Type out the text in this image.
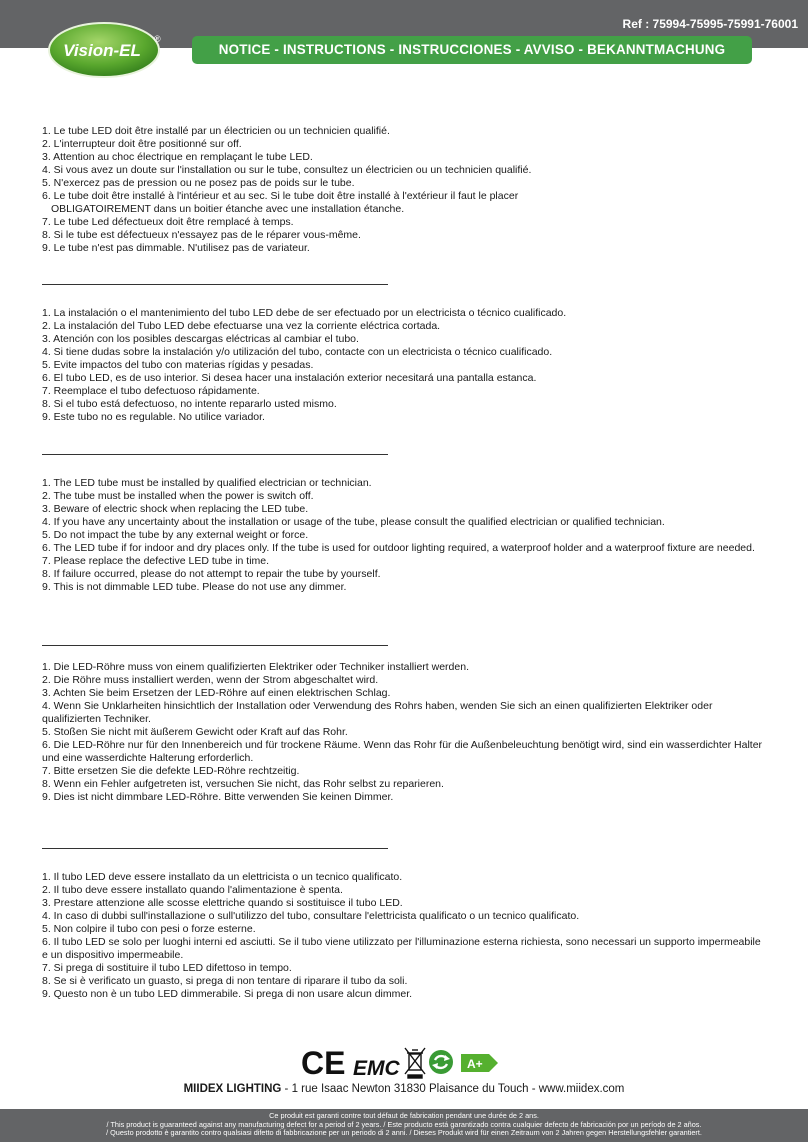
Ref : 75994-75995-75991-76001
Vision-EL
®
NOTICE - INSTRUCTIONS - INSTRUCCIONES - AVVISO - BEKANNTMACHUNG
1. Le tube LED doit être installé par un électricien ou un technicien qualifié.
2. L'interrupteur doit être positionné sur off.
3. Attention au choc électrique en remplaçant le tube LED.
4. Si vous avez un doute sur l'installation ou sur le tube, consultez un électricien ou un technicien qualifié.
5. N'exercez pas de pression ou ne posez pas de poids sur le tube.
6. Le tube doit être installé à l'intérieur et au sec. Si le tube doit être installé à l'extérieur il faut le placer
OBLIGATOIREMENT dans un boitier étanche avec une installation étanche.
7. Le tube Led défectueux doit être remplacé à temps.
8. Si le tube est défectueux n'essayez pas de le réparer vous-même.
9. Le tube n'est pas dimmable. N'utilisez pas de variateur.
1. La instalación o el mantenimiento del tubo LED debe de ser efectuado por un electricista o técnico cualificado.
2. La instalación del Tubo LED debe efectuarse una vez la corriente eléctrica cortada.
3. Atención con los posibles descargas eléctricas al cambiar el tubo.
4. Si tiene dudas sobre la instalación y/o utilización del tubo, contacte con un electricista o técnico cualificado.
5. Evite impactos del tubo con materias rígidas y pesadas.
6. El tubo LED, es de uso interior. Si desea hacer una instalación exterior necesitará una pantalla estanca.
7. Reemplace el tubo defectuoso rápidamente.
8. Si el tubo está defectuoso, no intente repararlo usted mismo.
9. Este tubo no es regulable. No utilice variador.
1. The LED tube must be installed by qualified electrician or technician.
2. The tube must be installed when the power is switch off.
3. Beware of electric shock when replacing the LED tube.
4. If you have any uncertainty about the installation or usage of the tube, please consult the qualified electrician or qualified technician.
5. Do not impact the tube by any external weight or force.
6. The LED tube if for indoor and dry places only. If the tube is used for outdoor lighting required, a waterproof holder and a waterproof fixture are needed.
7. Please replace the defective LED tube in time.
8. If failure occurred, please do not attempt to repair the tube by yourself.
9. This is not dimmable LED tube. Please do not use any dimmer.
1. Die LED-Röhre muss von einem qualifizierten Elektriker oder Techniker installiert werden.
2. Die Röhre muss installiert werden, wenn der Strom abgeschaltet wird.
3. Achten Sie beim Ersetzen der LED-Röhre auf einen elektrischen Schlag.
4. Wenn Sie Unklarheiten hinsichtlich der Installation oder Verwendung des Rohrs haben, wenden Sie sich an einen qualifizierten Elektriker oder qualifizierten Techniker.
5. Stoßen Sie nicht mit äußerem Gewicht oder Kraft auf das Rohr.
6. Die LED-Röhre nur für den Innenbereich und für trockene Räume. Wenn das Rohr für die Außenbeleuchtung benötigt wird, sind ein wasserdichter Halter und eine wasserdichte Halterung erforderlich.
7. Bitte ersetzen Sie die defekte LED-Röhre rechtzeitig.
8. Wenn ein Fehler aufgetreten ist, versuchen Sie nicht, das Rohr selbst zu reparieren.
9. Dies ist nicht dimmbare LED-Röhre. Bitte verwenden Sie keinen Dimmer.
1. Il tubo LED deve essere installato da un elettricista o un tecnico qualificato.
2. Il tubo deve essere installato quando l'alimentazione è spenta.
3. Prestare attenzione alle scosse elettriche quando si sostituisce il tubo LED.
4. In caso di dubbi sull'installazione o sull'utilizzo del tubo, consultare l'elettricista qualificato o un tecnico qualificato.
5. Non colpire il tubo con pesi o forze esterne.
6. Il tubo LED se solo per luoghi interni ed asciutti. Se il tubo viene utilizzato per l'illuminazione esterna richiesta, sono necessari un supporto impermeabile e un dispositivo impermeabile.
7. Si prega di sostituire il tubo LED difettoso in tempo.
8. Se si è verificato un guasto, si prega di non tentare di riparare il tubo da soli.
9. Questo non è un tubo LED dimmerabile. Si prega di non usare alcun dimmer.
CE EMC	A+
MIIDEX LIGHTING - 1 rue Isaac Newton 31830 Plaisance du Touch - www.miidex.com
Ce produit est garanti contre tout défaut de fabrication pendant une durée de 2 ans.
/ This product is guaranteed against any manufacturing defect for a period of 2 years. / Este producto está garantizado contra cualquier defecto de fabricación por un período de 2 años.
/ Questo prodotto è garantito contro qualsiasi difetto di fabbricazione per un periodo di 2 anni. / Dieses Produkt wird für einen Zeitraum von 2 Jahren gegen Herstellungsfehler garantiert.
